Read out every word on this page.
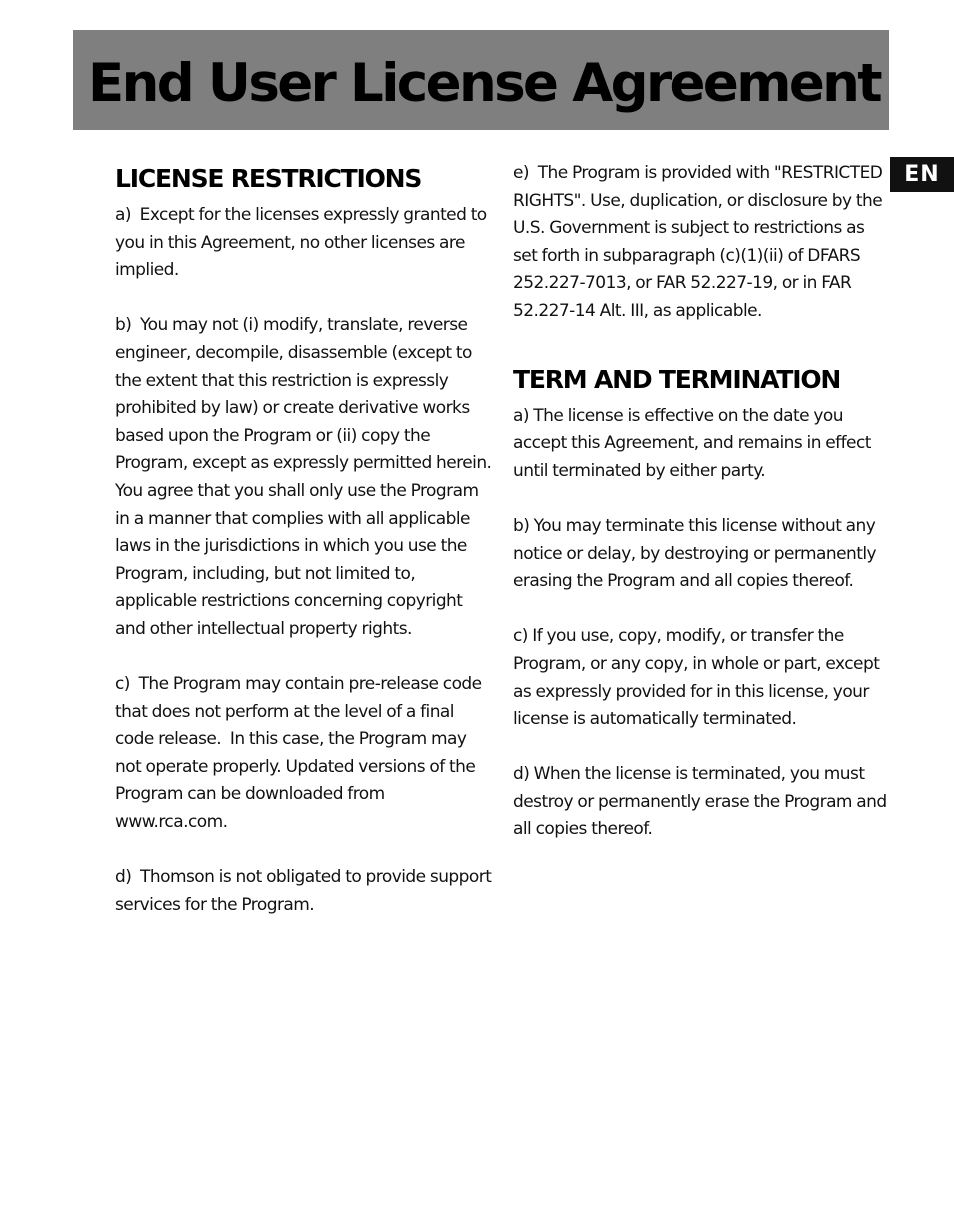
End User License Agreement
EN
LICENSE RESTRICTIONS

a)  Except for the licenses expressly granted to you in this Agreement, no other licenses are implied.

b)  You may not (i) modify, translate, reverse engineer, decompile, disassemble (except to the extent that this restriction is expressly prohibited by law) or create derivative works based upon the Program or (ii) copy the Program, except as expressly permitted herein.  You agree that you shall only use the Program in a manner that complies with all applicable laws in the jurisdictions in which you use the Program, including, but not limited to, applicable restrictions concerning copyright and other intellectual property rights.

c)  The Program may contain pre-release code that does not perform at the level of a final code release.  In this case, the Program may not operate properly. Updated versions of the Program can be downloaded from www.rca.com.

d)  Thomson is not obligated to provide support services for the Program.

e)  The Program is provided with "RESTRICTED RIGHTS". Use, duplication, or disclosure by the U.S. Government is subject to restrictions as set forth in subparagraph (c)(1)(ii) of DFARS 252.227-7013, or FAR 52.227-19, or in FAR 52.227-14 Alt. III, as applicable.

TERM AND TERMINATION

a) The license is effective on the date you accept this Agreement, and remains in effect until terminated by either party.

b) You may terminate this license without any notice or delay, by destroying or permanently erasing the Program and all copies thereof.

c) If you use, copy, modify, or transfer the Program, or any copy, in whole or part, except as expressly provided for in this license, your license is automatically terminated.

d) When the license is terminated, you must destroy or permanently erase the Program and all copies thereof.
